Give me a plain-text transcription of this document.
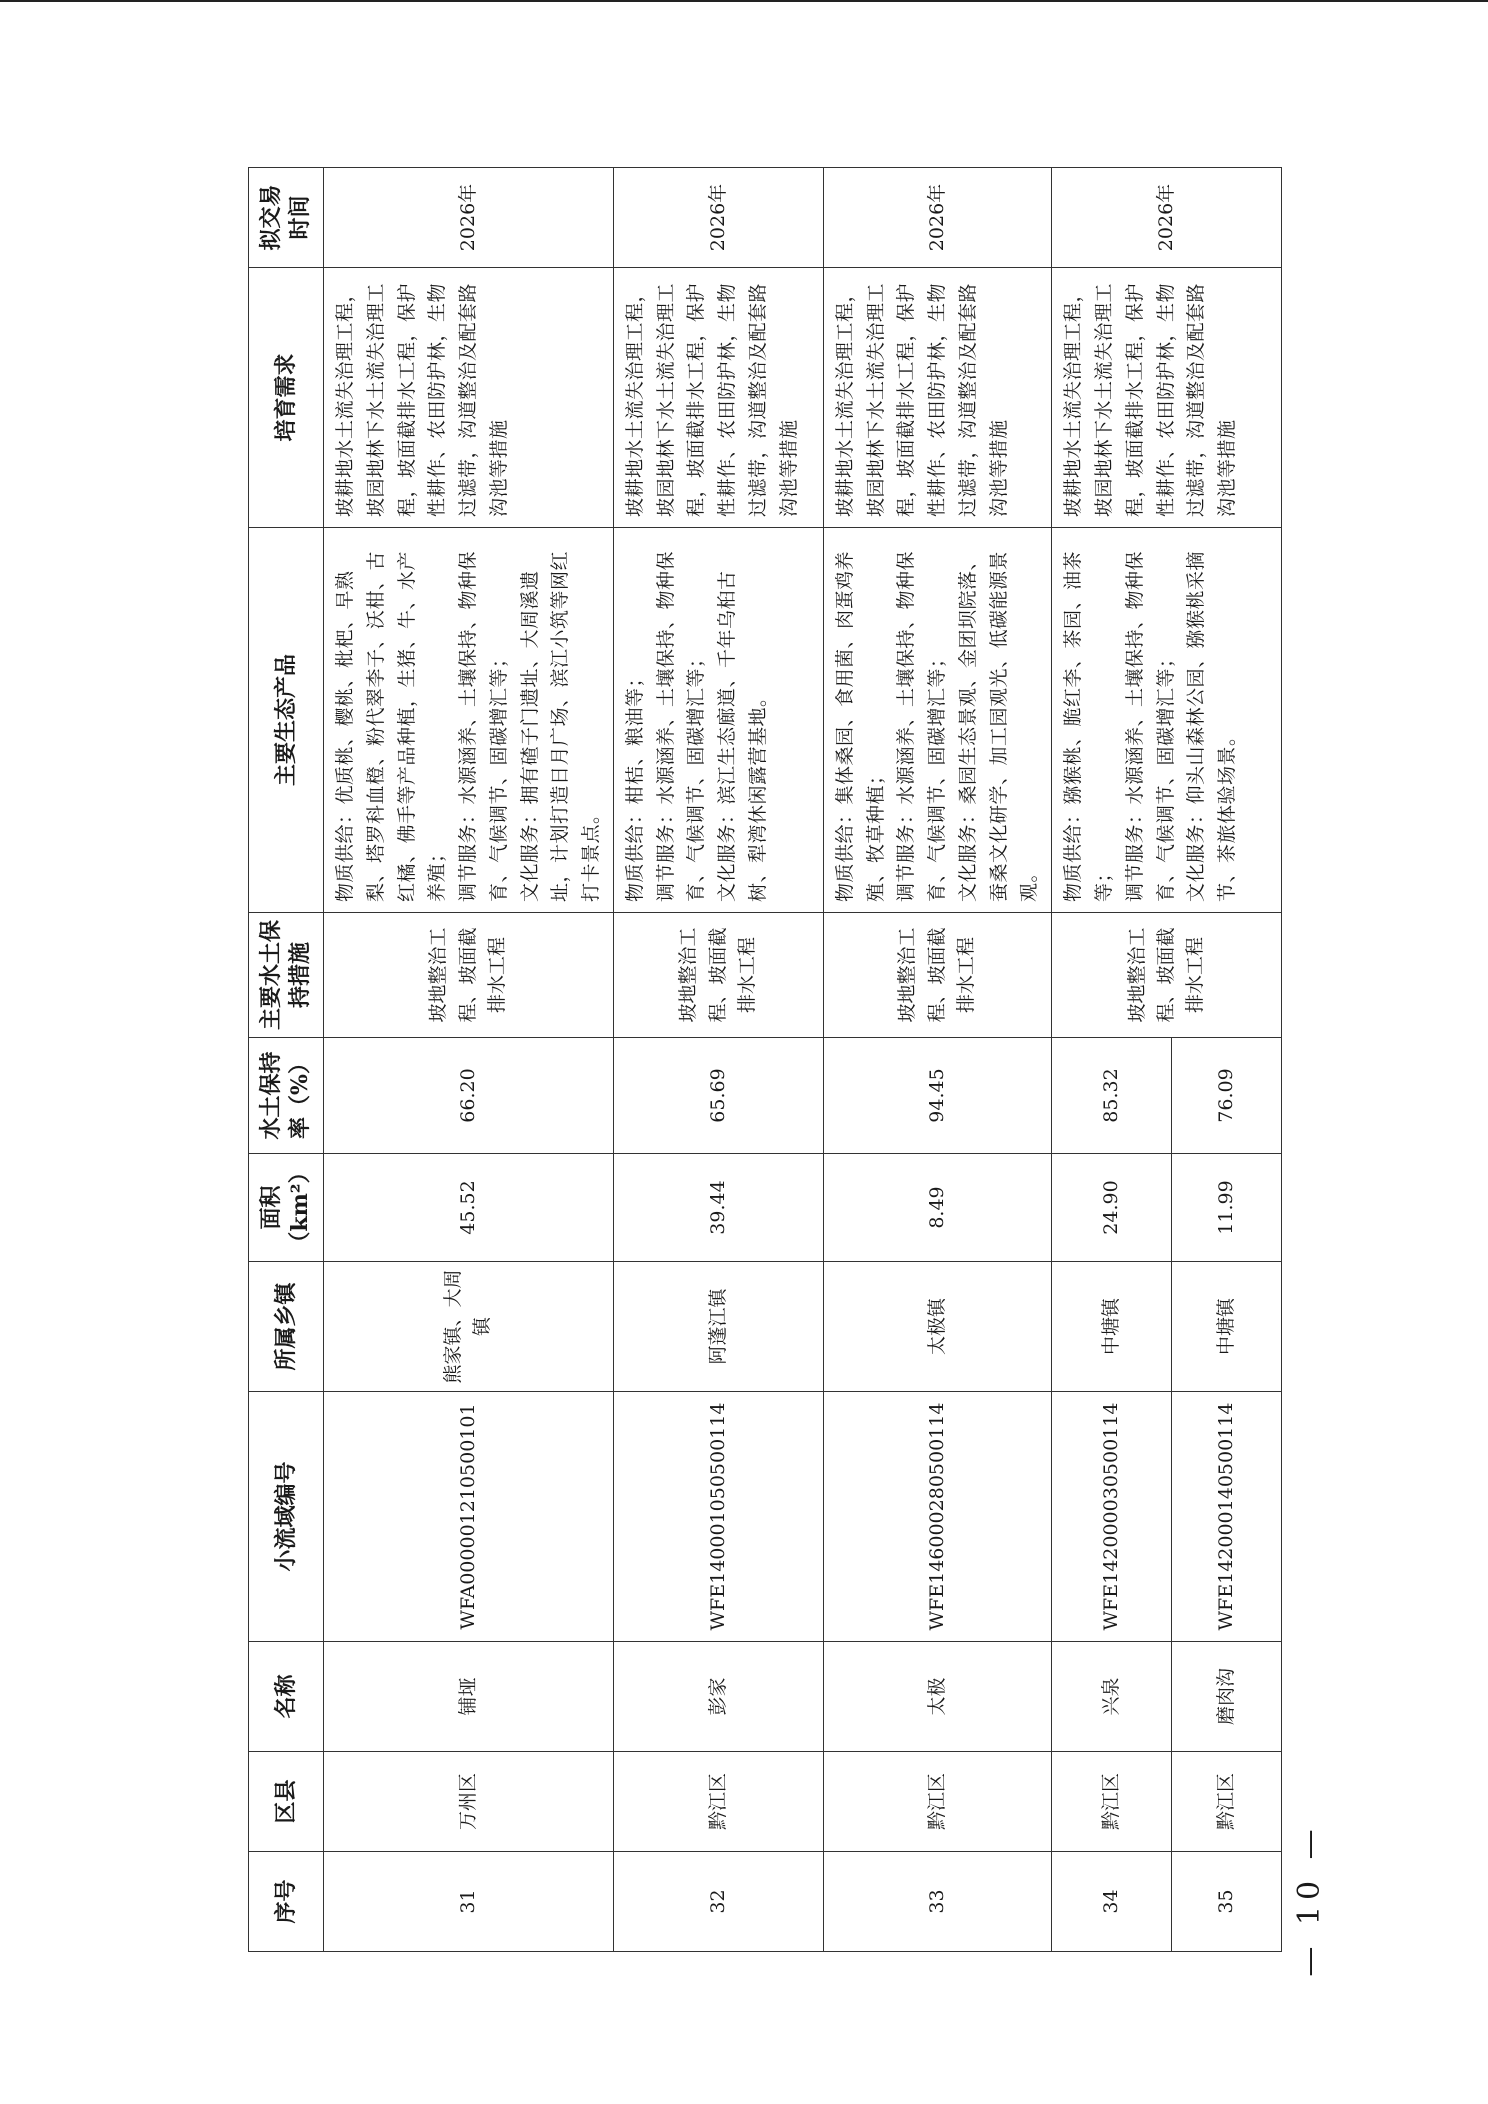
序号	区县	名称	小流域编号	所属乡镇	面积（km²）	水土保持率（%）	主要水土保持措施	主要生态产品	培育需求	拟交易时间
31	万州区	铺垭	WFA00000121050010​1	熊家镇、大周镇	45.52	66.20	坡地整治工程、坡面截排水工程	物质供给：优质桃、樱桃、枇杷、早熟梨、塔罗科血橙、粉代翠李子、沃柑、古红橘、佛手等产品种植，生猪、牛、水产养殖； 调节服务：水源涵养、土壤保持、物种保育、气候调节、固碳增汇等； 文化服务：拥有碴子门遗址、大周溪遗址，计划打造日月广场、滨江小筑等网红打卡景点。	坡耕地水土流失治理工程，坡园地林下水土流失治理工程，坡面截排水工程，保护性耕作、农田防护林，生物过滤带，沟道整治及配套路沟池等措施	2026年
32	黔江区	彭家	WFE14000105050011​4	阿蓬江镇	39.44	65.69	坡地整治工程、坡面截排水工程	物质供给：柑桔、粮油等； 调节服务：水源涵养、土壤保持、物种保育、气候调节、固碳增汇等； 文化服务：滨江生态廊道、千年乌桕古树、犁湾休闲露营基地。	坡耕地水土流失治理工程，坡园地林下水土流失治理工程，坡面截排水工程，保护性耕作、农田防护林，生物过滤带，沟道整治及配套路沟池等措施	2026年
33	黔江区	太极	WFE14600028050011​4	太极镇	8.49	94.45	坡地整治工程、坡面截排水工程	物质供给：集体桑园、食用菌、肉蛋鸡养殖、牧草种植； 调节服务：水源涵养、土壤保持、物种保育、气候调节、固碳增汇等； 文化服务：桑园生态景观、金团坝院落、蚕桑文化研学、加工园观光、低碳能源景观。	坡耕地水土流失治理工程，坡园地林下水土流失治理工程，坡面截排水工程，保护性耕作、农田防护林，生物过滤带，沟道整治及配套路沟池等措施	2026年
34	黔江区	兴泉	WFE14200003050011​4	中塘镇	24.90	85.32	坡地整治工程、坡面截排水工程	物质供给：猕猴桃、脆红李、茶园、油茶等； 调节服务：水源涵养、土壤保持、物种保育、气候调节、固碳增汇等； 文化服务：仰头山森林公园、猕猴桃采摘节、茶旅体验场景。	坡耕地水土流失治理工程，坡园地林下水土流失治理工程，坡面截排水工程，保护性耕作、农田防护林，生物过滤带，沟道整治及配套路沟池等措施	2026年
35	黔江区	磨肉沟	WFE14200014050011​4	中塘镇	11.99	76.09				
— 10 —
